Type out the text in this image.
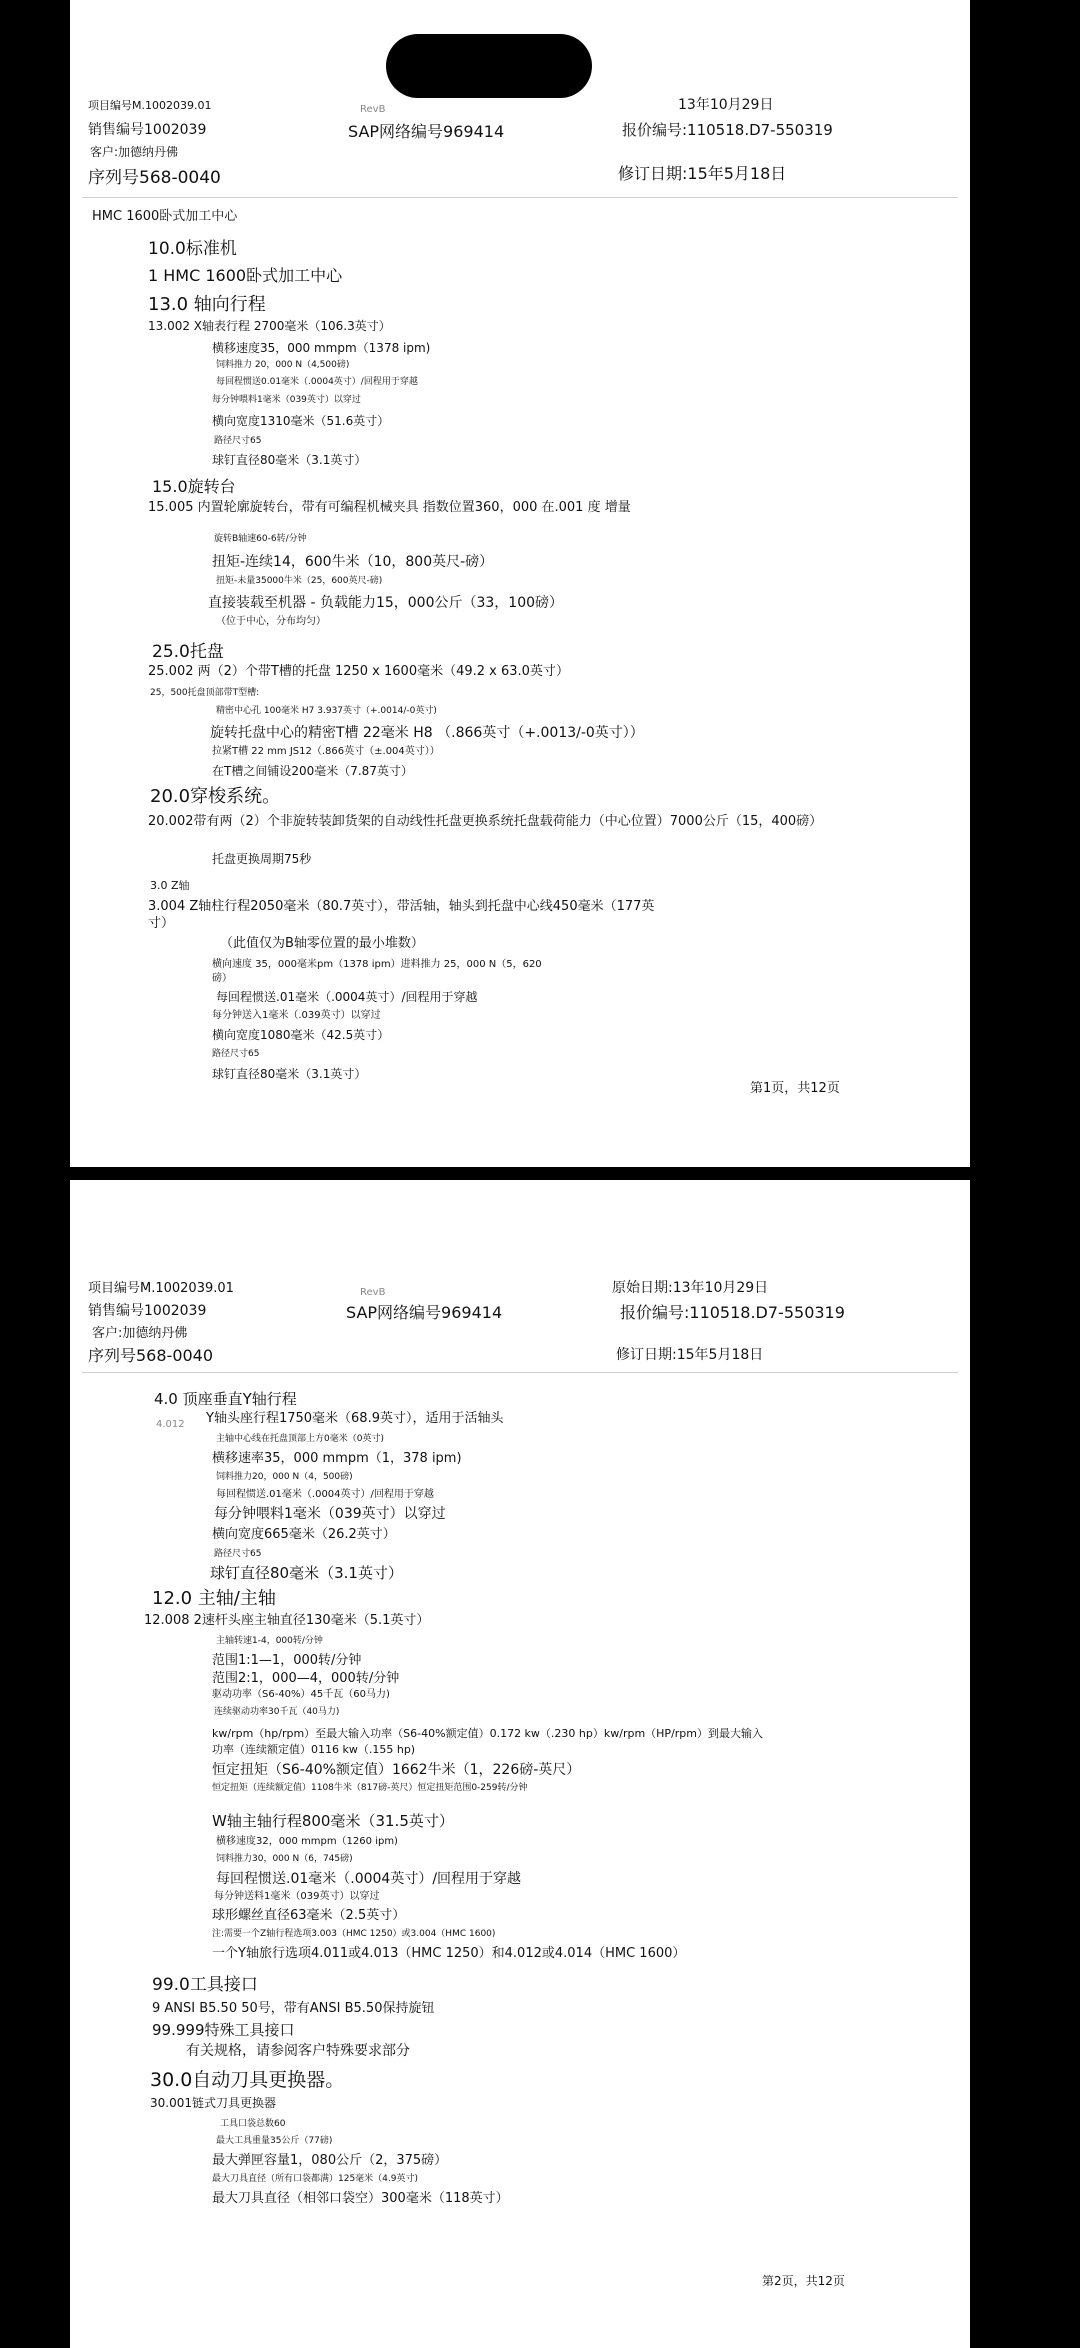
项目编号M.1002039.01	RevB	13年10月29日
销售编号1002039	SAP网络编号969414	报价编号:110518.D7-550319
客户:加德纳丹佛
序列号568-0040	修订日期:15年5月18日
HMC 1600卧式加工中心
10.0标准机
1 HMC 1600卧式加工中心
13.0 轴向行程
13.002 X轴表行程 2700毫米（106.3英寸）
横移速度35，000 mmpm（1378 ipm)
饲料推力 20，000 N（4,500磅)
每回程惯送0.01毫米（.0004英寸）/回程用于穿越
每分钟喂料1毫米（039英寸）以穿过
横向宽度1310毫米（51.6英寸）
路径尺寸65
球钉直径80毫米（3.1英寸）
15.0旋转台
15.005 内置轮廓旋转台，带有可编程机械夹具 指数位置360，000 在.001 度 增量
旋转B轴速60-6转/分钟
扭矩-连续14，600牛米（10，800英尺-磅）
扭矩-未量35000牛米（25，600英尺-磅)
直接装载至机器 - 负载能力15，000公斤（33，100磅）
（位于中心，分布均匀）
25.0托盘
25.002 两（2）个带T槽的托盘 1250 x 1600毫米（49.2 x 63.0英寸）
25，500托盘顶部带T型槽:
精密中心孔 100毫米 H7 3.937英寸（+.0014/-0英寸)
旋转托盘中心的精密T槽 22毫米 H8 （.866英寸（+.0013/-0英寸））
拉紧T槽 22 mm JS12（.866英寸（±.004英寸））
在T槽之间铺设200毫米（7.87英寸）
20.0穿梭系统。
20.002带有两（2）个非旋转装卸货架的自动线性托盘更换系统托盘载荷能力（中心位置）7000公斤（15，400磅）
托盘更换周期75秒
3.0 Z轴
3.004 Z轴柱行程2050毫米（80.7英寸），带活轴，轴头到托盘中心线450毫米（177英寸）
（此值仅为B轴零位置的最小堆数）
横向速度 35，000毫米pm（1378 ipm）进料推力 25，000 N（5，620磅）
每回程惯送.01毫米（.0004英寸）/回程用于穿越
每分钟送入1毫米（.039英寸）以穿过
横向宽度1080毫米（42.5英寸）
路径尺寸65
球钉直径80毫米（3.1英寸）
第1页，共12页
项目编号M.1002039.01	RevB	原始日期:13年10月29日
销售编号1002039	SAP网络编号969414	报价编号:110518.D7-550319
客户:加德纳丹佛
序列号568-0040	修订日期:15年5月18日
4.0 顶座垂直Y轴行程
4.012 Y轴头座行程1750毫米（68.9英寸），适用于活轴头
主轴中心线在托盘顶部上方0毫米（0英寸)
横移速率35，000 mmpm（1，378 ipm)
饲料推力20，000 N（4，500磅)
每回程惯送.01毫米（.0004英寸）/回程用于穿越
每分钟喂料1毫米（039英寸）以穿过
横向宽度665毫米（26.2英寸）
路径尺寸65
球钉直径80毫米（3.1英寸）
12.0 主轴/主轴
12.008 2速杆头座主轴直径130毫米（5.1英寸）
主轴转速1-4，000转/分钟
范围1:1—1，000转/分钟
范围2:1，000—4，000转/分钟
驱动功率（S6-40%）45千瓦（60马力)
连续驱动功率30千瓦（40马力)
kw/rpm（hp/rpm）至最大输入功率（S6-40%额定值）0.172 kw（.230 hp）kw/rpm（HP/rpm）到最大输入功率（连续额定值）0116 kw（.155 hp)
恒定扭矩（S6-40%额定值）1662牛米（1，226磅-英尺）
恒定扭矩（连续额定值）1108牛米（817磅-英尺）恒定扭矩范围0-259转/分钟
W轴主轴行程800毫米（31.5英寸）
横移速度32，000 mmpm（1260 ipm)
饲料推力30，000 N（6，745磅)
每回程惯送.01毫米（.0004英寸）/回程用于穿越
每分钟送料1毫米（039英寸）以穿过
球形螺丝直径63毫米（2.5英寸）
注:需要一个Z轴行程选项3.003（HMC 1250）或3.004（HMC 1600)
一个Y轴旅行选项4.011或4.013（HMC 1250）和4.012或4.014（HMC 1600）
99.0工具接口
9 ANSI B5.50 50号，带有ANSI B5.50保持旋钮
99.999特殊工具接口
有关规格，请参阅客户特殊要求部分
30.0自动刀具更换器。
30.001链式刀具更换器
工具口袋总数60
最大工具重量35公斤（77磅)
最大弹匣容量1，080公斤（2，375磅）
最大刀具直径（所有口袋都满）125毫米（4.9英寸)
最大刀具直径（相邻口袋空）300毫米（118英寸）
第2页，共12页
